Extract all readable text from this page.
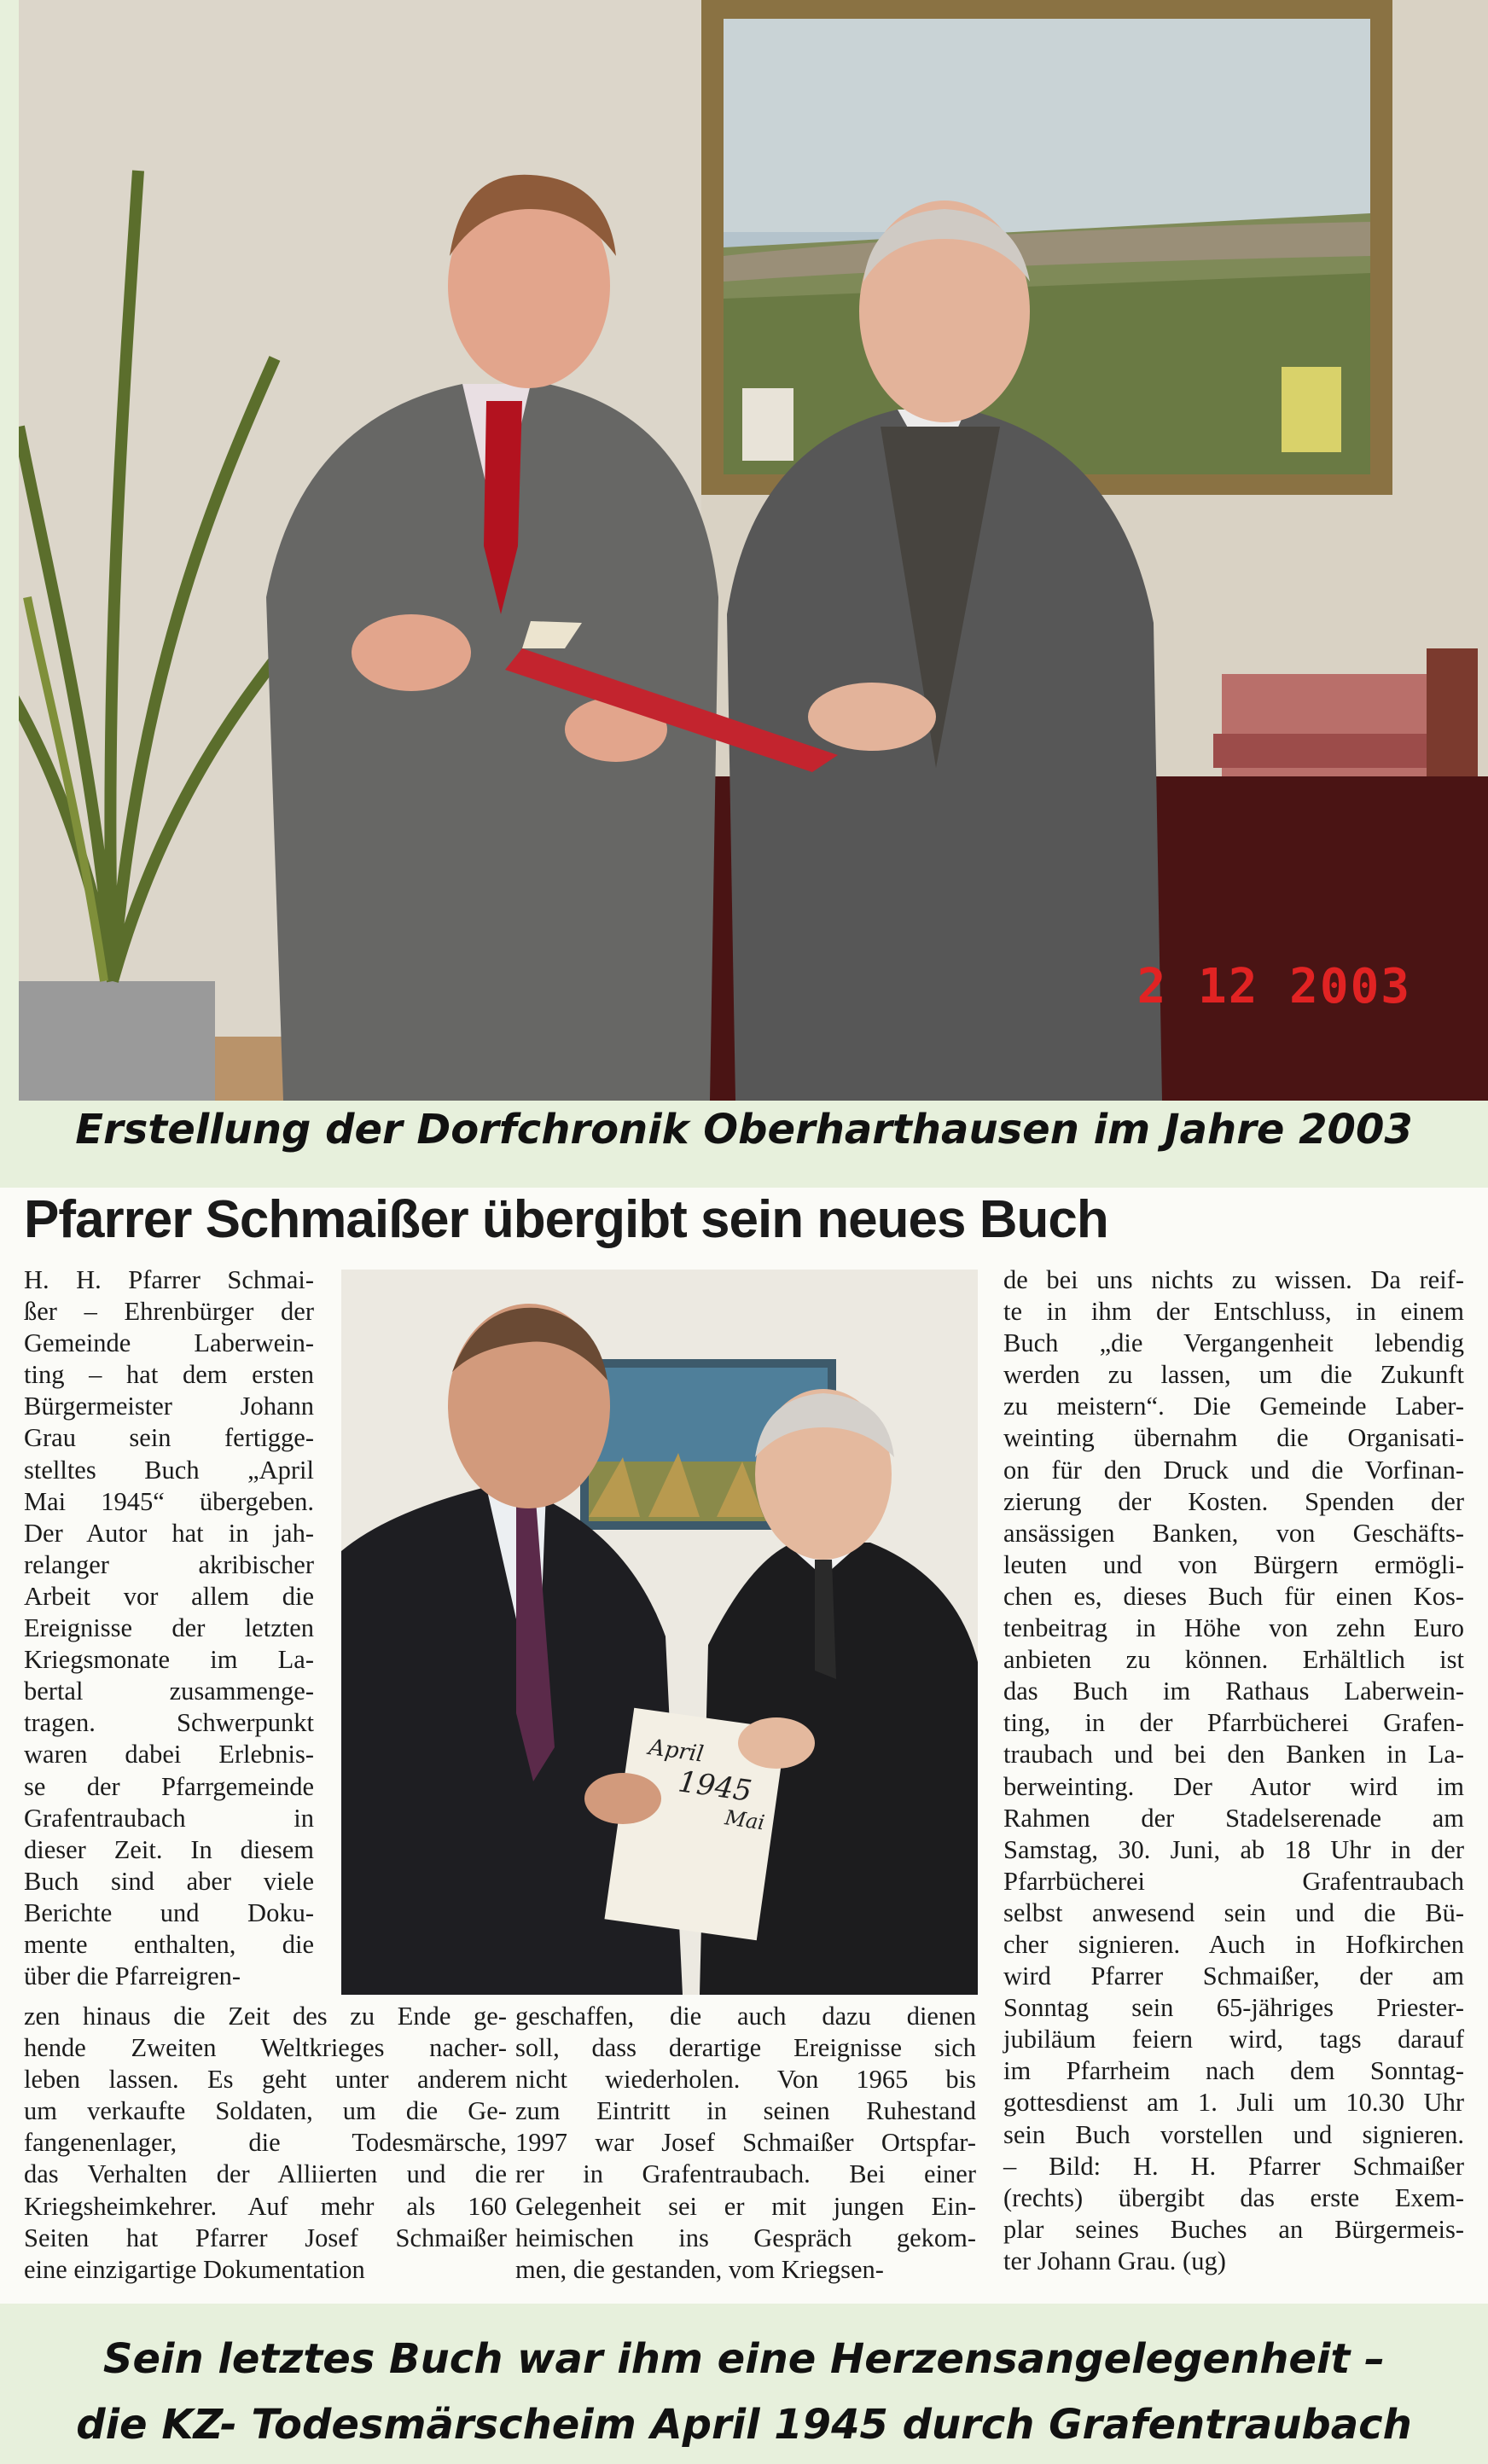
2 12 2003
Erstellung der Dorfchronik Oberharthausen im Jahre 2003
Pfarrer Schmaißer übergibt sein neues Buch
H. H. Pfarrer Schmai-
ßer – Ehrenbürger der
Gemeinde Laberwein-
ting – hat dem ersten
Bürgermeister Johann
Grau sein fertigge-
stelltes Buch „April
Mai 1945“ übergeben.
Der Autor hat in jah-
relanger akribischer
Arbeit vor allem die
Ereignisse der letzten
Kriegsmonate im La-
bertal zusammenge-
tragen. Schwerpunkt
waren dabei Erlebnis-
se der Pfarrgemeinde
Grafentraubach in
dieser Zeit. In diesem
Buch sind aber viele
Berichte und Doku-
mente enthalten, die
über die Pfarreigren-
April
1945
Mai
zen hinaus die Zeit des zu Ende ge-
hende Zweiten Weltkrieges nacher-
leben lassen. Es geht unter anderem
um verkaufte Soldaten, um die Ge-
fangenenlager, die Todesmärsche,
das Verhalten der Alliierten und die
Kriegsheimkehrer. Auf mehr als 160
Seiten hat Pfarrer Josef Schmaißer
eine einzigartige Dokumentation
geschaffen, die auch dazu dienen
soll, dass derartige Ereignisse sich
nicht wiederholen. Von 1965 bis
zum Eintritt in seinen Ruhestand
1997 war Josef Schmaißer Ortspfar-
rer in Grafentraubach. Bei einer
Gelegenheit sei er mit jungen Ein-
heimischen ins Gespräch gekom-
men, die gestanden, vom Kriegsen-
de bei uns nichts zu wissen. Da reif-
te in ihm der Entschluss, in einem
Buch „die Vergangenheit lebendig
werden zu lassen, um die Zukunft
zu meistern“. Die Gemeinde Laber-
weinting übernahm die Organisati-
on für den Druck und die Vorfinan-
zierung der Kosten. Spenden der
ansässigen Banken, von Geschäfts-
leuten und von Bürgern ermögli-
chen es, dieses Buch für einen Kos-
tenbeitrag in Höhe von zehn Euro
anbieten zu können. Erhältlich ist
das Buch im Rathaus Laberwein-
ting, in der Pfarrbücherei Grafen-
traubach und bei den Banken in La-
berweinting. Der Autor wird im
Rahmen der Stadelserenade am
Samstag, 30. Juni, ab 18 Uhr in der
Pfarrbücherei Grafentraubach
selbst anwesend sein und die Bü-
cher signieren. Auch in Hofkirchen
wird Pfarrer Schmaißer, der am
Sonntag sein 65-jähriges Priester-
jubiläum feiern wird, tags darauf
im Pfarrheim nach dem Sonntag-
gottesdienst am 1. Juli um 10.30 Uhr
sein Buch vorstellen und signieren.
– Bild: H. H. Pfarrer Schmaißer
(rechts) übergibt das erste Exem-
plar seines Buches an Bürgermeis-
ter Johann Grau. (ug)
Sein letztes Buch war ihm eine Herzensangelegenheit –
die KZ- Todesmärscheim April 1945 durch Grafentraubach
